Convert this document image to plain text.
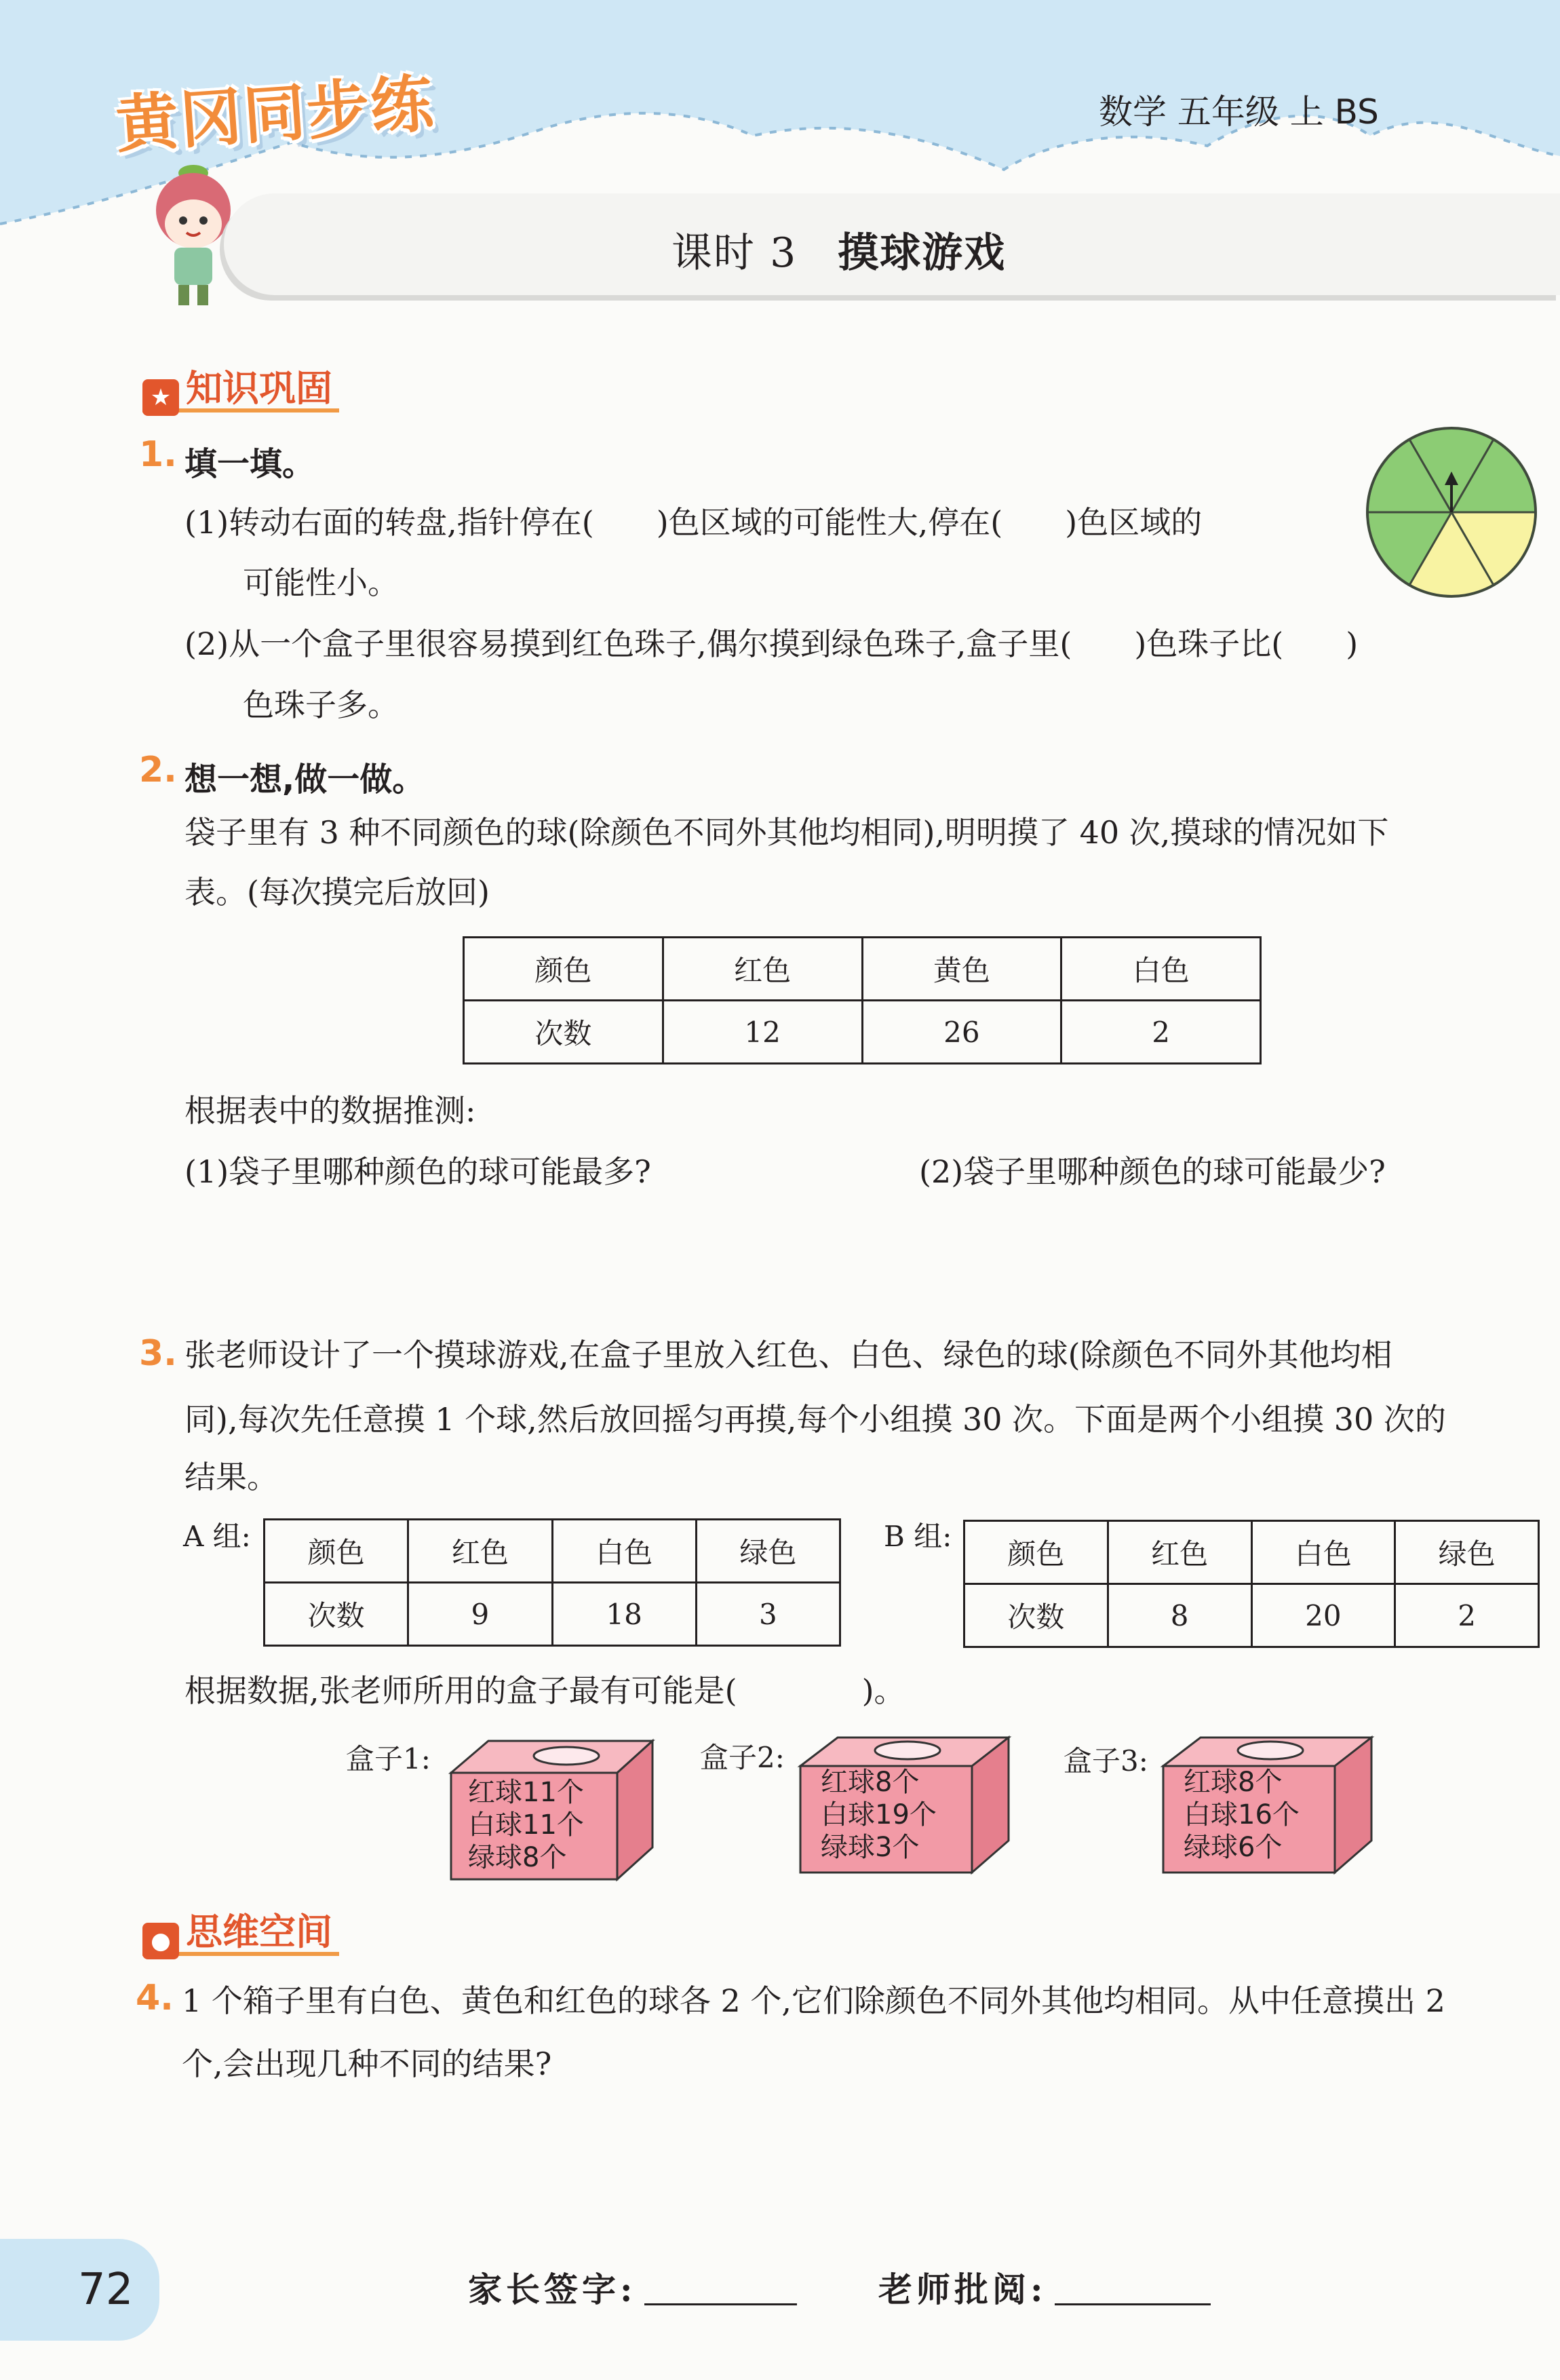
黄冈同步练	数学 五年级 上 BS
课时 3 摸球游戏
★ 知识巩固
1. 填一填。
(1)转动右面的转盘,指针停在(　　)色区域的可能性大,停在(　　)色区域的
可能性小。
(2)从一个盒子里很容易摸到红色珠子,偶尔摸到绿色珠子,盒子里(　　)色珠子比(　　)
色珠子多。
2. 想一想,做一做。
袋子里有 3 种不同颜色的球(除颜色不同外其他均相同),明明摸了 40 次,摸球的情况如下
表。(每次摸完后放回)
颜色	红色	黄色	白色
次数	12	26	2
根据表中的数据推测:
(1)袋子里哪种颜色的球可能最多?	(2)袋子里哪种颜色的球可能最少?
3. 张老师设计了一个摸球游戏,在盒子里放入红色、白色、绿色的球(除颜色不同外其他均相
同),每次先任意摸 1 个球,然后放回摇匀再摸,每个小组摸 30 次。下面是两个小组摸 30 次的
结果。
A 组: 颜色	红色	白色	绿色
次数	9	18	3
B 组:
颜色	红色	白色	绿色
次数	8	20	2
根据数据,张老师所用的盒子最有可能是(　　　　)。
盒子1:
红球11个
白球11个
绿球8个
盒子2:
红球8个
白球19个
绿球3个
盒子3:
红球8个
白球16个
绿球6个
● 思维空间
4. 1 个箱子里有白色、黄色和红色的球各 2 个,它们除颜色不同外其他均相同。从中任意摸出 2
个,会出现几种不同的结果?
72	家长签字:	老师批阅:
